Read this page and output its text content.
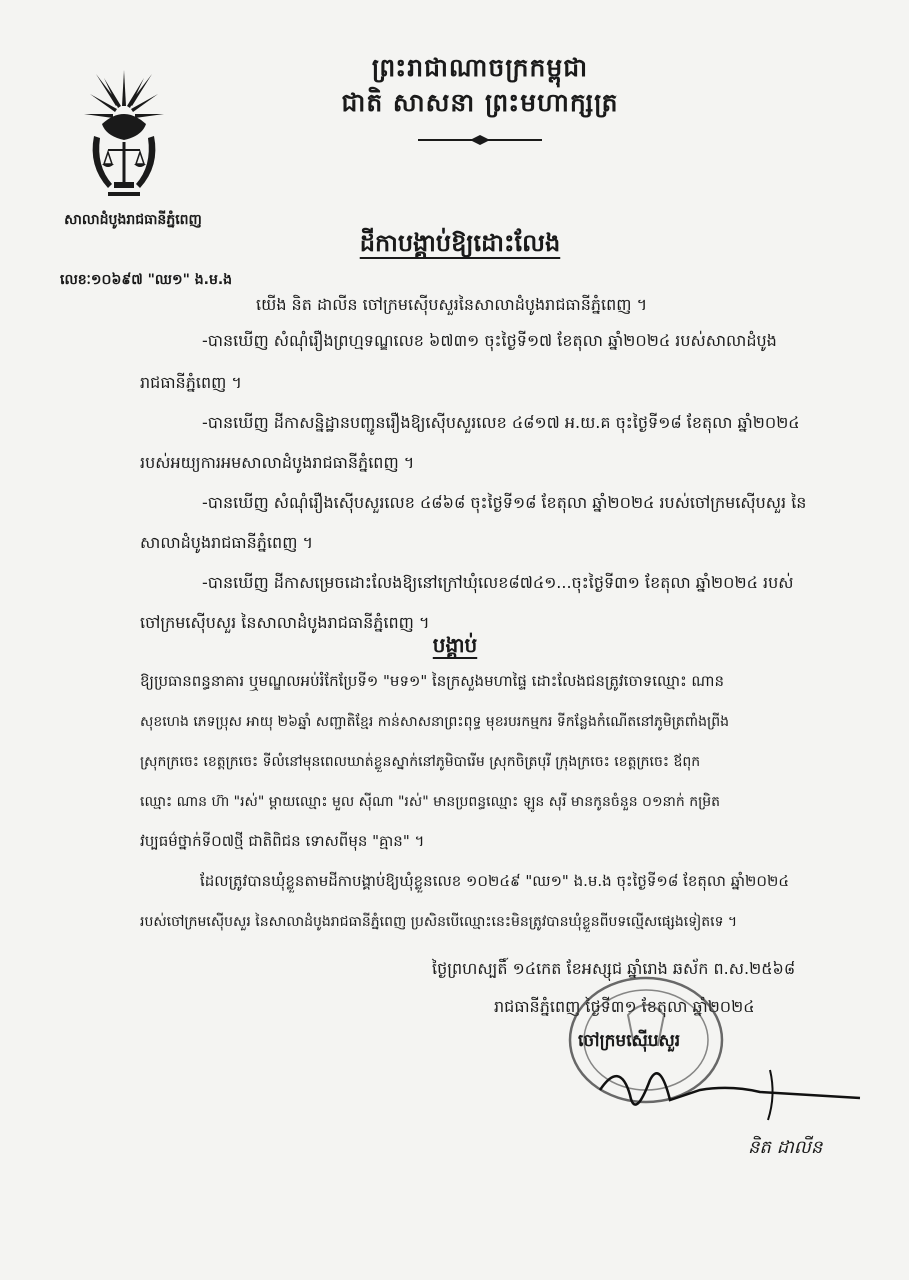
សាលាដំបូងរាជធានីភ្នំពេញ
លេខៈ១០៦៩៧ "ឈ១" ង.ម.ង
ព្រះរាជាណាចក្រកម្ពុជា
ជាតិ សាសនា ព្រះមហាក្សត្រ
ដីកាបង្គាប់ឱ្យដោះលែង
យើង និត ដាលីន ចៅក្រមស៊ើបសួរនៃសាលាដំបូងរាជធានីភ្នំពេញ ។
-បានឃើញ សំណុំរឿងព្រហ្មទណ្ឌលេខ ៦៧៣១ ចុះថ្ងៃទី១៧ ខែតុលា ឆ្នាំ២០២៤ របស់សាលាដំបូង
រាជធានីភ្នំពេញ ។
-បានឃើញ ដីកាសន្និដ្ឋានបញ្ជូនរឿងឱ្យស៊ើបសួរលេខ ៤៨១៧ អ.យ.គ ចុះថ្ងៃទី១៨ ខែតុលា ឆ្នាំ២០២៤
របស់អយ្យការអមសាលាដំបូងរាជធានីភ្នំពេញ ។
-បានឃើញ សំណុំរឿងស៊ើបសួរលេខ ៤៨៦៨ ចុះថ្ងៃទី១៨ ខែតុលា ឆ្នាំ២០២៤ របស់ចៅក្រមស៊ើបសួរ នៃ
សាលាដំបូងរាជធានីភ្នំពេញ ។
-បានឃើញ ដីកាសម្រេចដោះលែងឱ្យនៅក្រៅឃុំលេខ៨៧៤១...ចុះថ្ងៃទី៣១ ខែតុលា ឆ្នាំ២០២៤ របស់
ចៅក្រមស៊ើបសួរ នៃសាលាដំបូងរាជធានីភ្នំពេញ ។
បង្គាប់
ឱ្យប្រធានពន្ធនាគារ ឬមណ្ឌលអប់រំកែប្រែទី១ "មទ១" នៃក្រសួងមហាផ្ទៃ ដោះលែងជនត្រូវចោទឈ្មោះ ណាន
សុខហេង ភេទប្រុស អាយុ ២៦ឆ្នាំ សញ្ជាតិខ្មែរ កាន់សាសនាព្រះពុទ្ធ មុខរបរកម្មករ ទីកន្លែងកំណើតនៅភូមិត្រពាំងព្រីង
ស្រុកក្រចេះ ខេត្តក្រចេះ ទីលំនៅមុនពេលឃាត់ខ្លួនស្នាក់នៅភូមិបារើម ស្រុកចិត្របុរី ក្រុងក្រចេះ ខេត្តក្រចេះ ឪពុក
ឈ្មោះ ណាន ហ៊ា "រស់" ម្ដាយឈ្មោះ មួល ស៊ីណា "រស់" មានប្រពន្ធឈ្មោះ ឡូន សុរី មានកូនចំនួន ០១នាក់ កម្រិត
វប្បធម៌ថ្នាក់ទី០៧ថ្មី ជាតិពិជន ទោសពីមុន "គ្មាន" ។
ដែលត្រូវបានឃុំខ្លួនតាមដីកាបង្គាប់ឱ្យឃុំខ្លួនលេខ ១០២៤៩ "ឈ១" ង.ម.ង ចុះថ្ងៃទី១៨ ខែតុលា ឆ្នាំ២០២៤
របស់ចៅក្រមស៊ើបសួរ នៃសាលាដំបូងរាជធានីភ្នំពេញ ប្រសិនបើឈ្មោះនេះមិនត្រូវបានឃុំខ្លួនពីបទល្មើសផ្សេងទៀតទេ ។
ថ្ងៃព្រហស្បតិ៍ ១៤កេត ខែអស្សុជ ឆ្នាំរោង ឆស័ក ព.ស.២៥៦៨
រាជធានីភ្នំពេញ ថ្ងៃទី៣១ ខែតុលា ឆ្នាំ២០២៤
ចៅក្រមស៊ើបសួរ
និត ដាលីន
